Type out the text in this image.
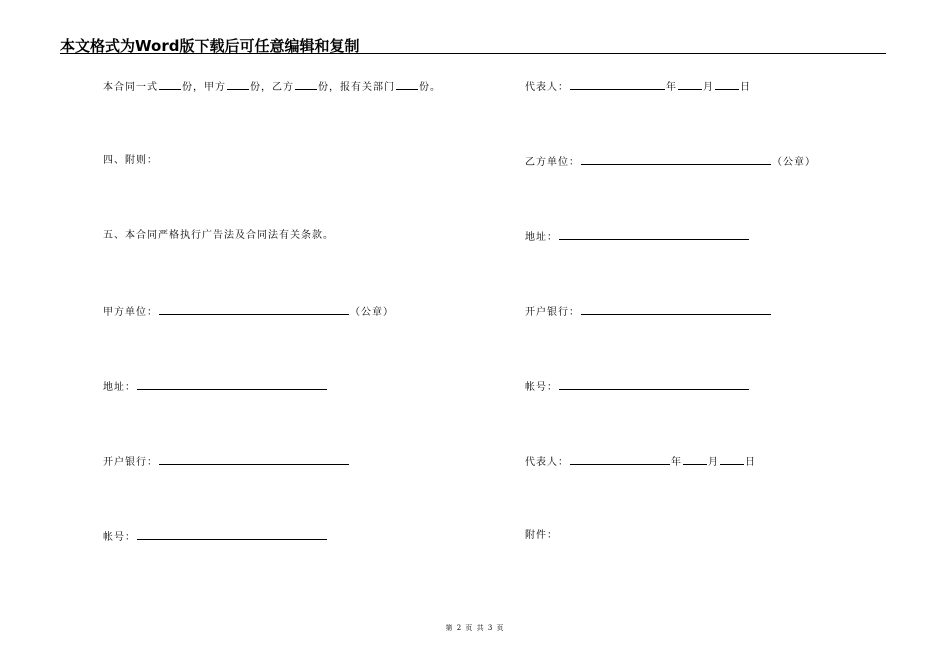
本文格式为Word版下载后可任意编辑和复制
本合同一式 份，甲方 份，乙方 份，报有关部门 份。
四、附则：
五、本合同严格执行广告法及合同法有关条款。
甲方单位：	（公章）
地址：
开户银行：
帐号：
代表人：	年	月	日
乙方单位：	（公章）
地址：
开户银行：
帐号：
代表人：	年	月	日
附件：
第 2 页 共 3 页
